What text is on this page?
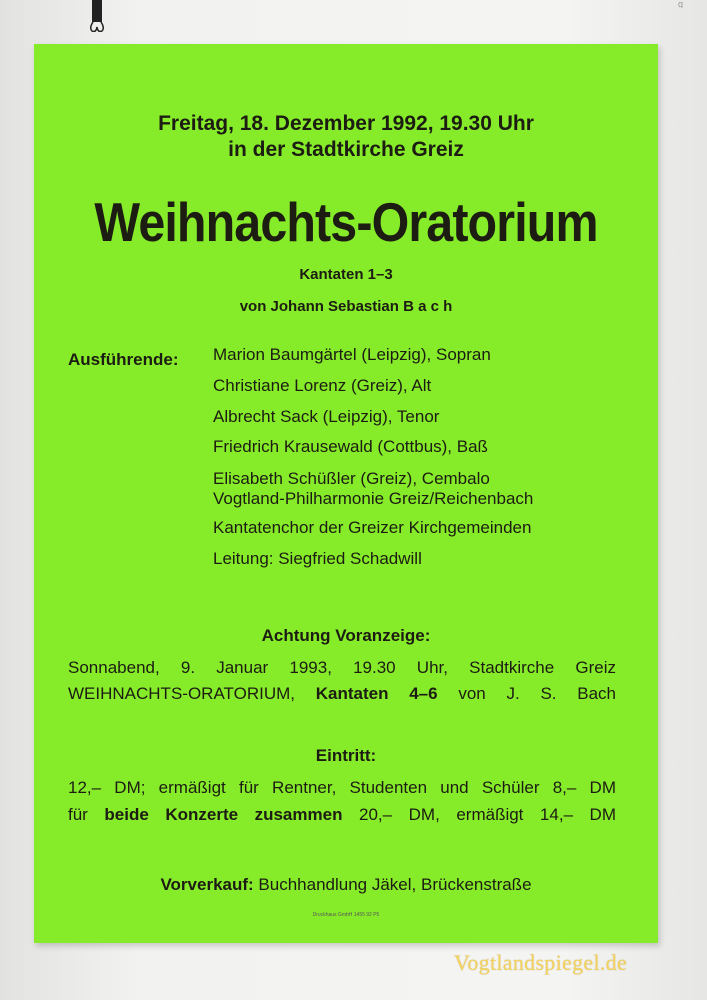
g
Freitag, 18. Dezember 1992, 19.30 Uhr
in der Stadtkirche Greiz
Weihnachts-Oratorium
Kantaten 1–3
von Johann Sebastian B a c h
Ausführende: Marion Baumgärtel (Leipzig), Sopran
Christiane Lorenz (Greiz), Alt
Albrecht Sack (Leipzig), Tenor
Friedrich Krausewald (Cottbus), Baß
Elisabeth Schüßler (Greiz), Cembalo
Vogtland-Philharmonie Greiz/Reichenbach
Kantatenchor der Greizer Kirchgemeinden
Leitung: Siegfried Schadwill
Achtung Voranzeige:
Sonnabend, 9. Januar 1993, 19.30 Uhr, Stadtkirche Greiz
WEIHNACHTS-ORATORIUM, Kantaten 4–6 von J. S. Bach
Eintritt:
12,– DM; ermäßigt für Rentner, Studenten und Schüler 8,– DM
für beide Konzerte zusammen 20,– DM, ermäßigt 14,– DM
Vorverkauf: Buchhandlung Jäkel, Brückenstraße
Druckhaus GmbH 1455 92 P5
Vogtlandspiegel.de
